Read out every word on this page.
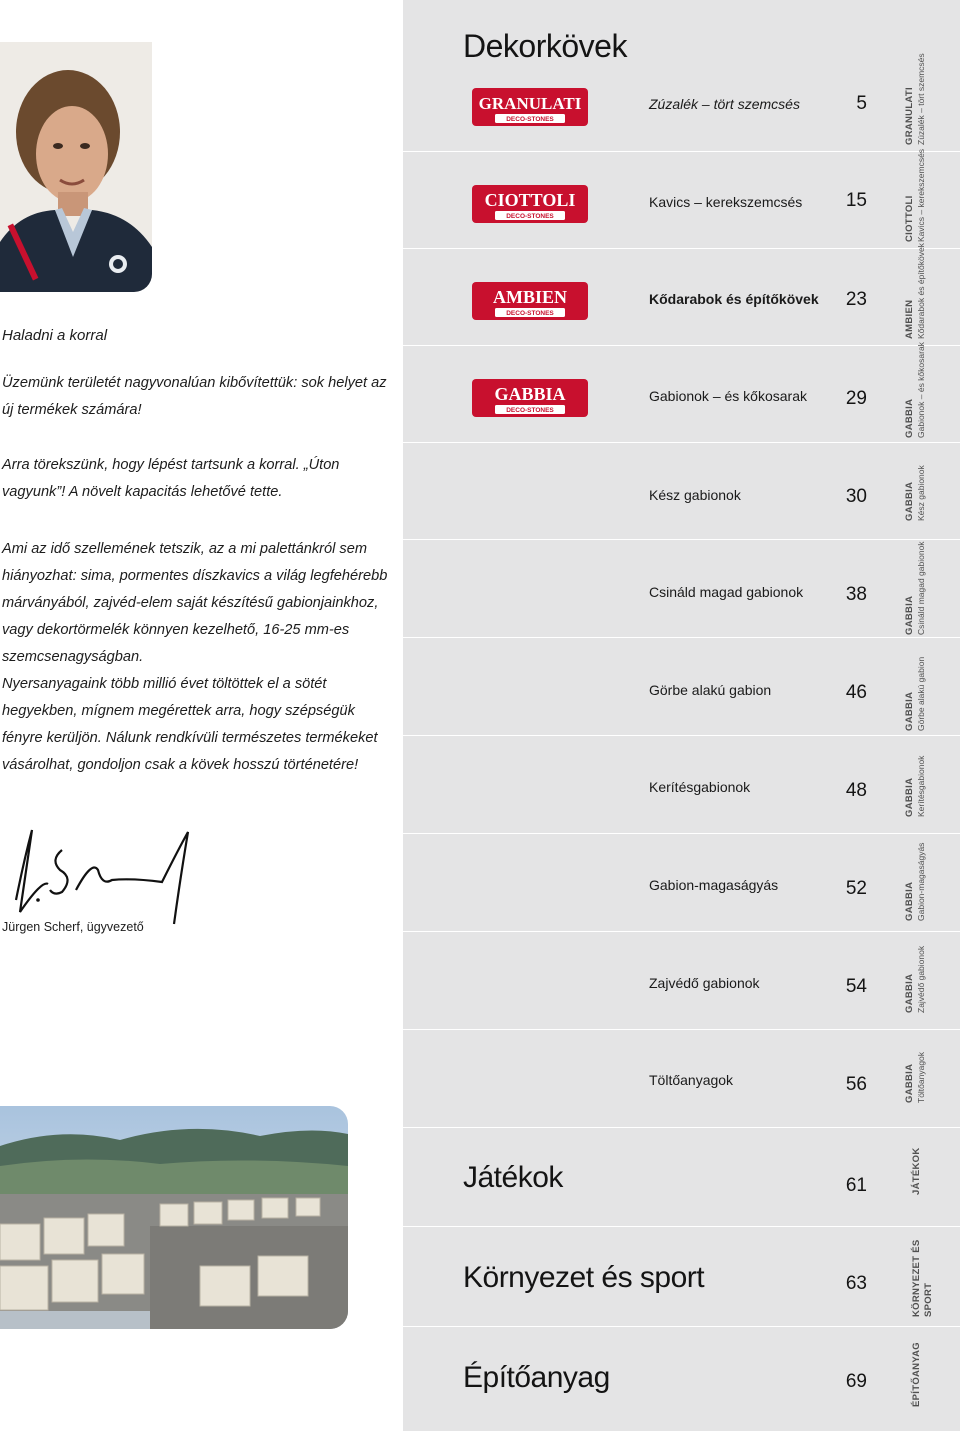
Haladni a korral
Üzemünk területét nagyvonalúan kibővítettük: sok helyet az új termékek számára!
Arra törekszünk, hogy lépést tartsunk a korral. „Úton vagyunk”! A növelt kapacitás lehetővé tette.
Ami az idő szellemének tetszik, az a mi palettánkról sem hiányozhat: sima, pormentes díszkavics a világ legfehérebb márványából, zajvéd-elem saját készítésű gabionjainkhoz, vagy dekortörmelék könnyen kezelhető, 16-25 mm-es szemcsenagyságban.
Nyersanyagaink több millió évet töltöttek el a sötét hegyekben, mígnem megérettek arra, hogy szépségük fényre kerüljön. Nálunk rendkívüli természetes termékeket vásárolhat, gondoljon csak a kövek hosszú történetére!
Jürgen Scherf, ügyvezető
Dekorkövek
GRANULATI
DECO-STONES
Zúzalék – tört szemcsés	5	GRANULATI Zúzalék – tört szemcsés
CIOTTOLI
DECO-STONES
Kavics – kerekszemcsés 15	CIOTTOLI Kavics – kerekszemcsés
AMBIEN
DECO-STONES
Kődarabok és építőkövek 23
AMBIEN Kődarabok és építőkövek
GABBIA
DECO-STONES
Gabionok – és kőkosarak 29
GABBIA Gabionok – és kőkosarak
Kész gabionok	30	GABBIA Kész gabionok
Csináld magad gabionok 38
GABBIA Csináld magad gabionok
Görbe alakú gabion	46	GABBIA Görbe alakú gabion
Kerítésgabionok	48	GABBIA Kerítésgabionok
Gabion-magaságyás	52	GABBIA Gabion-magaságyás
Zajvédő gabionok	54	GABBIA Zajvédő gabionok
Töltőanyagok	56	GABBIA Töltőanyagok
Játékok	61	JÁTÉKOK
Környezet és sport	63	KÖRNYEZET ÉS SPORT
Építőanyag	69	ÉPÍTŐANYAG
